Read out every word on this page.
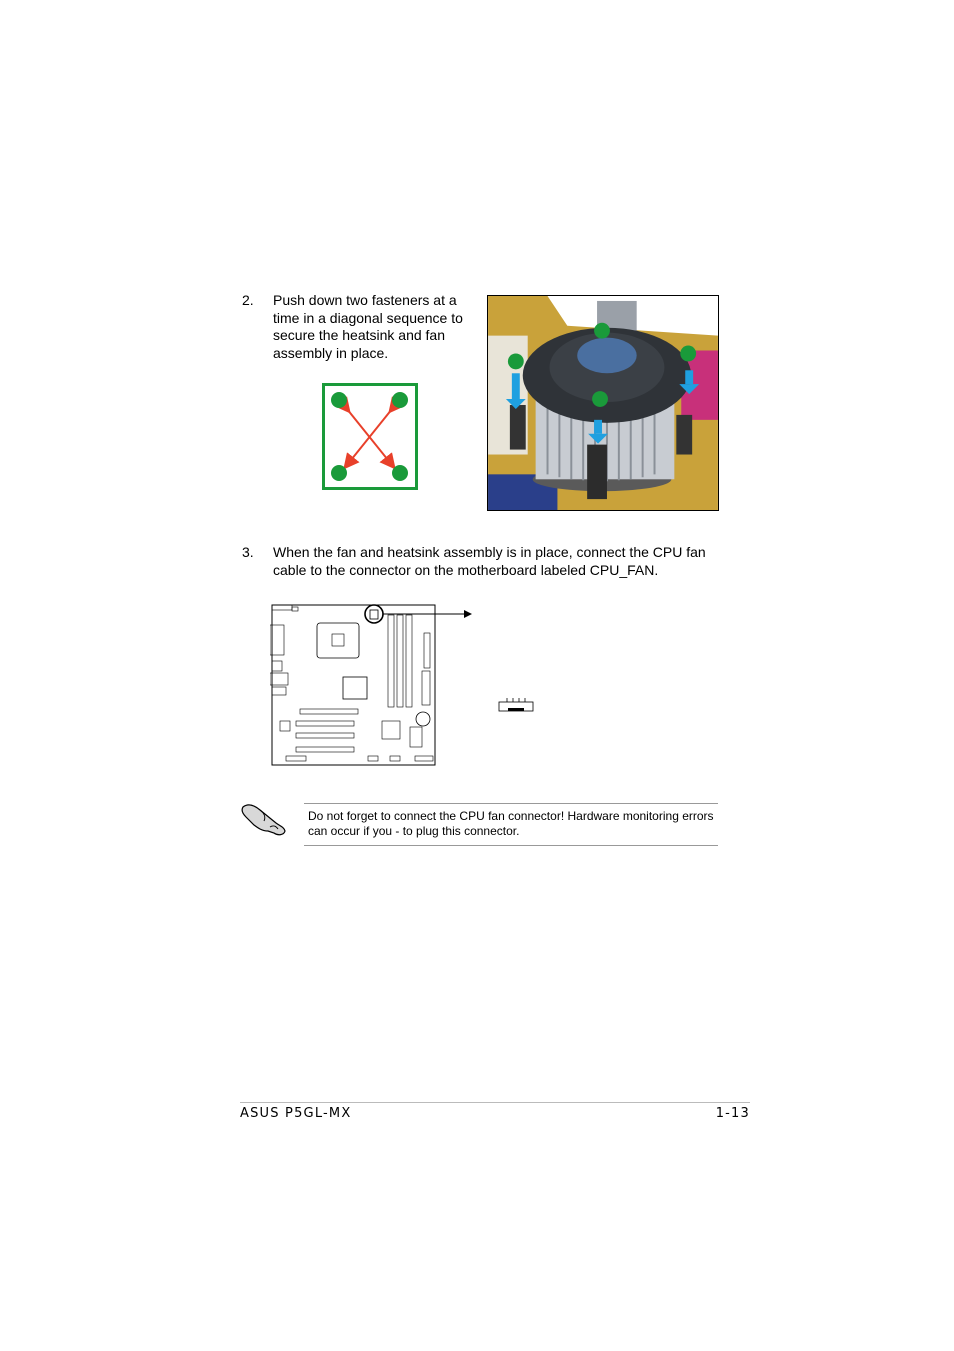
2. Push down two fasteners at a time in a diagonal sequence to secure the heatsink and fan assembly in place.
3. When the fan and heatsink assembly is in place, connect the CPU fan cable to the connector on the motherboard labeled CPU_FAN.
Do not forget to connect the CPU fan connector! Hardware monitoring errors can occur if you - to plug this connector.
ASUS P5GL-MX	1-13
